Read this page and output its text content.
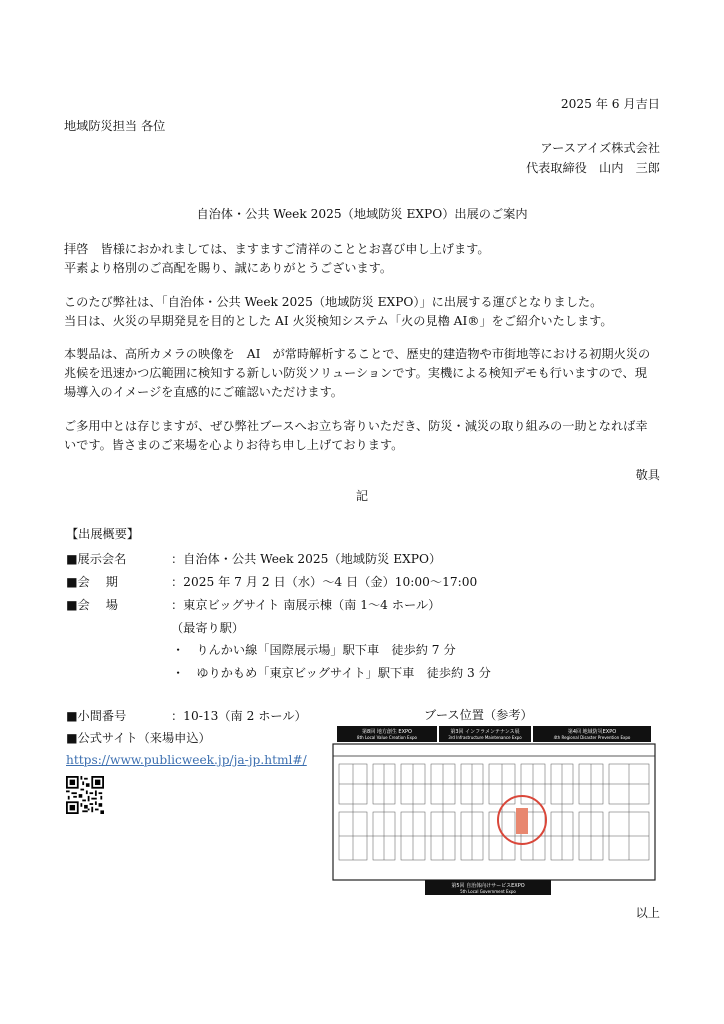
2025 年 6 月吉日
地域防災担当 各位
アースアイズ株式会社
代表取締役　山内　三郎
自治体・公共 Week 2025（地域防災 EXPO）出展のご案内
拝啓　皆様におかれましては、ますますご清祥のこととお喜び申し上げます。
平素より格別のご高配を賜り、誠にありがとうございます。
このたび弊社は、「自治体・公共 Week 2025（地域防災 EXPO）」に出展する運びとなりました。
当日は、火災の早期発見を目的とした AI 火災検知システム「火の見櫓 AI®」をご紹介いたします。
本製品は、高所カメラの映像を　AI　が常時解析することで、歴史的建造物や市街地等における初期火災の
兆候を迅速かつ広範囲に検知する新しい防災ソリューションです。実機による検知デモも行いますので、現
場導入のイメージを直感的にご確認いただけます。
ご多用中とは存じますが、ぜひ弊社ブースへお立ち寄りいただき、防災・減災の取り組みの一助となれば幸
いです。皆さまのご来場を心よりお待ち申し上げております。
敬具
記
【出展概要】
■展示会名	：自治体・公共 Week 2025（地域防災 EXPO）
■会　 期	：2025 年 7 月 2 日（水）～4 日（金）10:00～17:00
■会　 場	：東京ビッグサイト 南展示棟（南 1～4 ホール）
（最寄り駅）
・　りんかい線「国際展示場」駅下車　徒歩約 7 分
・　ゆりかもめ「東京ビッグサイト」駅下車　徒歩約 3 分
■小間番号	：10-13（南 2 ホール）
■公式サイト（来場申込）
https://www.publicweek.jp/ja-jp.html#/
ブース位置（参考）
第8回 地方創生 EXPO
8th Local Value Creation Expo
第3回 インフラメンテナンス展
3rd Infrastructure Maintenance Expo
第4回 地域防災EXPO
4th Regional Disaster Prevention Expo
第5回 自治体向けサービスEXPO
5th Local Government Expo
以上
